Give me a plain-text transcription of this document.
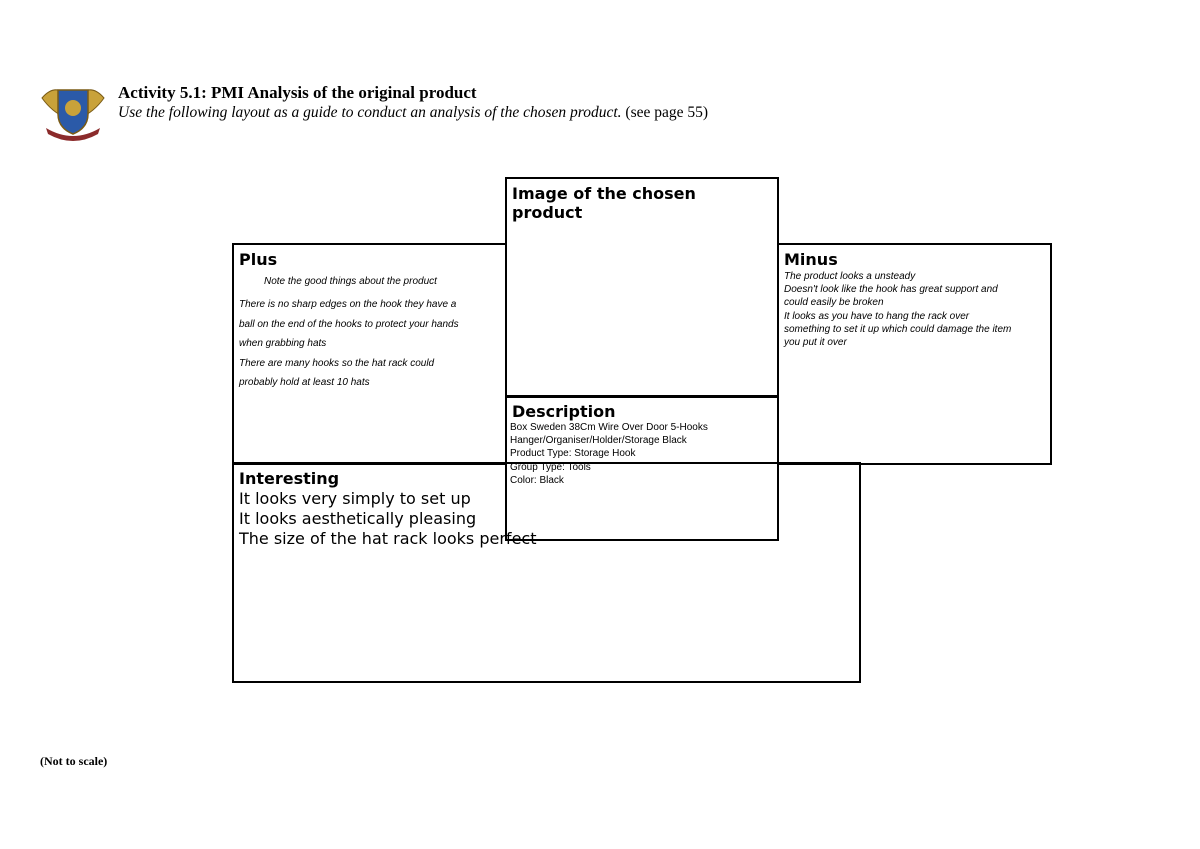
Activity 5.1: PMI Analysis of the original product
Use the following layout as a guide to conduct an analysis of the chosen product. (see page 55)
Plus
Note the good things about the product
There is no sharp edges on the hook they have a
ball on the end of the hooks to protect your hands
when grabbing hats
There are many hooks so the hat rack could
probably hold at least 10 hats
Minus
The product looks a unsteady
Doesn't look like the hook has great support and
could easily be broken
It looks as you have to hang the rack over
something to set it up which could damage the item
you put it over
Interesting
It looks very simply to set up
It looks aesthetically pleasing
The size of the hat rack looks perfect
Image of the chosen product
Description
Box Sweden 38Cm Wire Over Door 5-Hooks
Hanger/Organiser/Holder/Storage Black
Product Type: Storage Hook
Group Type: Tools
Color: Black
(Not to scale)
